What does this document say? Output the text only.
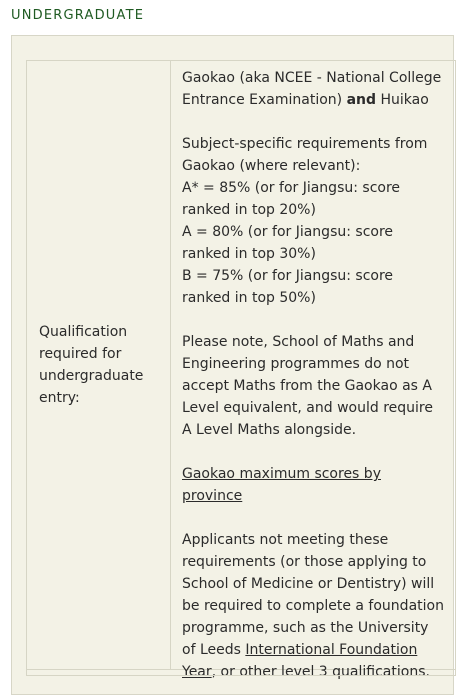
UNDERGRADUATE
Qualification required for undergraduate entry:
Gaokao (aka NCEE - National College Entrance Examination) and Huikao
Subject-specific requirements from Gaokao (where relevant):
A* = 85% (or for Jiangsu: score ranked in top 20%)
A = 80% (or for Jiangsu: score ranked in top 30%)
B = 75% (or for Jiangsu: score ranked in top 50%)
Please note, School of Maths and Engineering programmes do not accept Maths from the Gaokao as A Level equivalent, and would require A Level Maths alongside.
Gaokao maximum scores by province
Applicants not meeting these requirements (or those applying to School of Medicine or Dentistry) will be required to complete a foundation programme, such as the University of Leeds International Foundation Year, or other level 3 qualifications.
